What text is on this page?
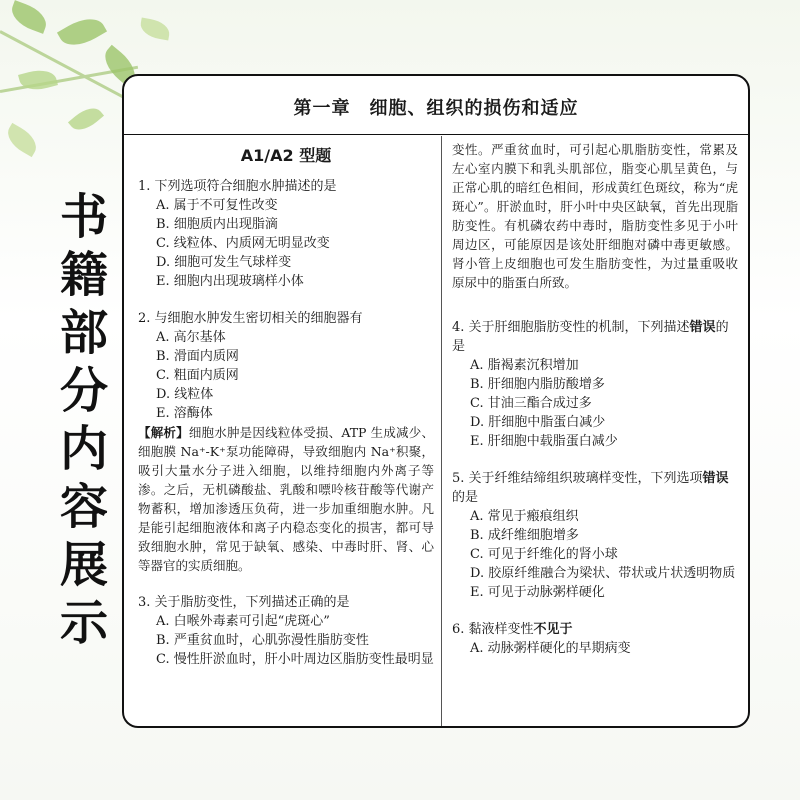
书
籍
部
分
内
容
展
示
第一章　细胞、组织的损伤和适应
A1/A2 型题

1. 下列选项符合细胞水肿描述的是

A. 属于不可复性改变

B. 细胞质内出现脂滴

C. 线粒体、内质网无明显改变

D. 细胞可发生气球样变

E. 细胞内出现玻璃样小体

2. 与细胞水肿发生密切相关的细胞器有

A. 高尔基体

B. 滑面内质网

C. 粗面内质网

D. 线粒体

E. 溶酶体

【解析】细胞水肿是因线粒体受损、ATP 生成减少、细胞膜 Na⁺-K⁺泵功能障碍，导致细胞内 Na⁺积聚，吸引大量水分子进入细胞，以维持细胞内外离子等渗。之后，无机磷酸盐、乳酸和嘌呤核苷酸等代谢产物蓄积，增加渗透压负荷，进一步加重细胞水肿。凡是能引起细胞液体和离子内稳态变化的损害，都可导致细胞水肿，常见于缺氧、感染、中毒时肝、肾、心等器官的实质细胞。

3. 关于脂肪变性，下列描述正确的是

A. 白喉外毒素可引起“虎斑心”

B. 严重贫血时，心肌弥漫性脂肪变性

C. 慢性肝淤血时，肝小叶周边区脂肪变性最明显

变性。严重贫血时，可引起心肌脂肪变性，常累及左心室内膜下和乳头肌部位，脂变心肌呈黄色，与正常心肌的暗红色相间，形成黄红色斑纹，称为“虎斑心”。肝淤血时，肝小叶中央区缺氧，首先出现脂肪变性。有机磷农药中毒时，脂肪变性多见于小叶周边区，可能原因是该处肝细胞对磷中毒更敏感。肾小管上皮细胞也可发生脂肪变性，为过量重吸收原尿中的脂蛋白所致。

4. 关于肝细胞脂肪变性的机制，下列描述错误的是

A. 脂褐素沉积增加

B. 肝细胞内脂肪酸增多

C. 甘油三酯合成过多

D. 肝细胞中脂蛋白减少

E. 肝细胞中载脂蛋白减少

5. 关于纤维结缔组织玻璃样变性，下列选项错误的是

A. 常见于瘢痕组织

B. 成纤维细胞增多

C. 可见于纤维化的肾小球

D. 胶原纤维融合为梁状、带状或片状透明物质

E. 可见于动脉粥样硬化

6. 黏液样变性不见于

A. 动脉粥样硬化的早期病变
